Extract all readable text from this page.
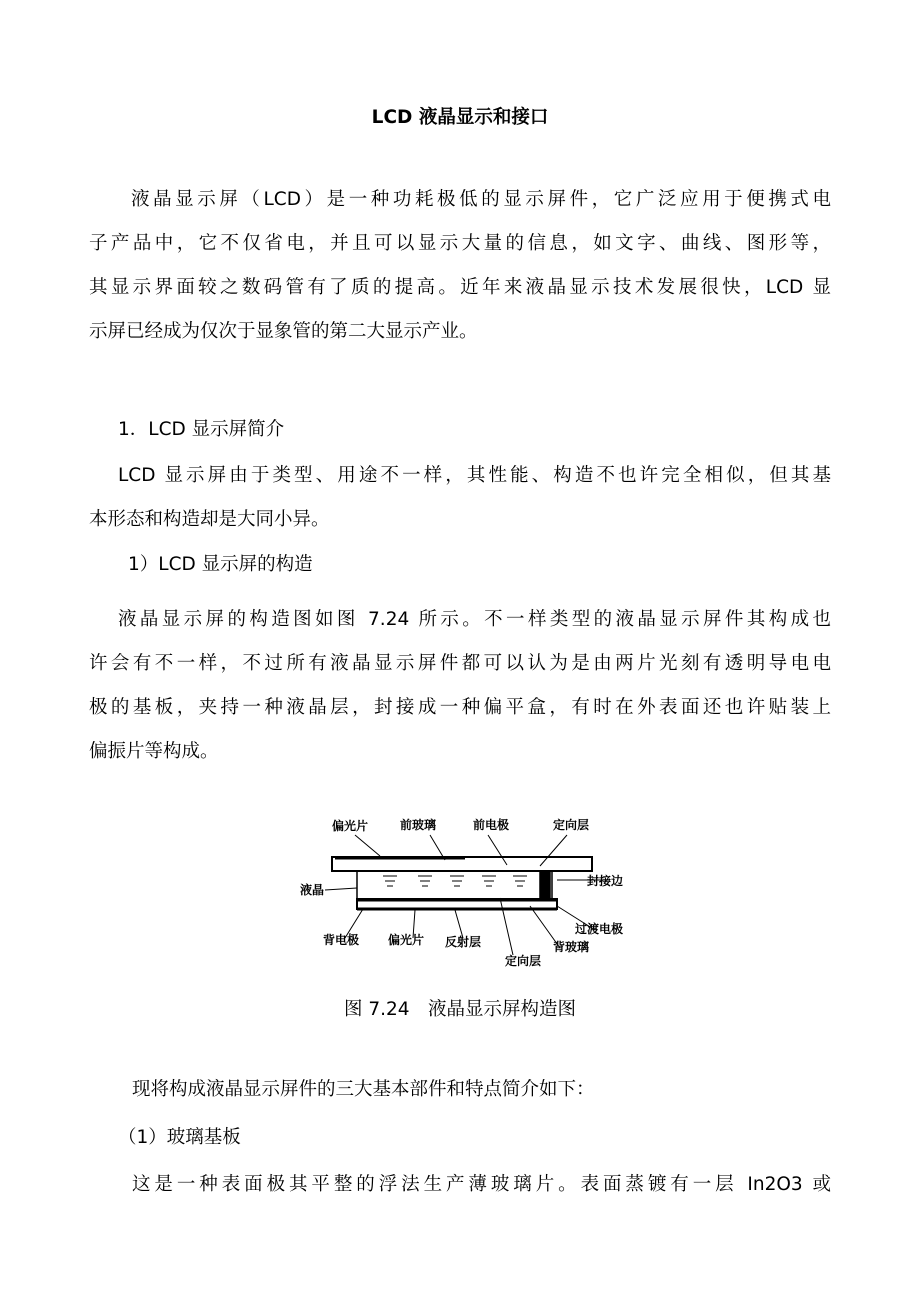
LCD 液晶显示和接口
液晶显示屏（LCD）是一种功耗极低的显示屏件，它广泛应用于便携式电
子产品中，它不仅省电，并且可以显示大量的信息，如文字、曲线、图形等，
其显示界面较之数码管有了质的提高。近年来液晶显示技术发展很快，LCD 显
示屏已经成为仅次于显象管的第二大显示产业。
1．LCD 显示屏简介
LCD 显示屏由于类型、用途不一样，其性能、构造不也许完全相似，但其基
本形态和构造却是大同小异。
1）LCD 显示屏的构造
液晶显示屏的构造图如图 7.24 所示。不一样类型的液晶显示屏件其构成也
许会有不一样，不过所有液晶显示屏件都可以认为是由两片光刻有透明导电电
极的基板，夹持一种液晶层，封接成一种偏平盒，有时在外表面还也许贴装上
偏振片等构成。
偏光片	前玻璃	前电极	定向层
液晶
封接边
背电极 偏光片 反射层
定向层
背玻璃
过渡电极
图 7.24　液晶显示屏构造图
现将构成液晶显示屏件的三大基本部件和特点简介如下：
（1）玻璃基板
这是一种表面极其平整的浮法生产薄玻璃片。表面蒸镀有一层 In2O3 或
